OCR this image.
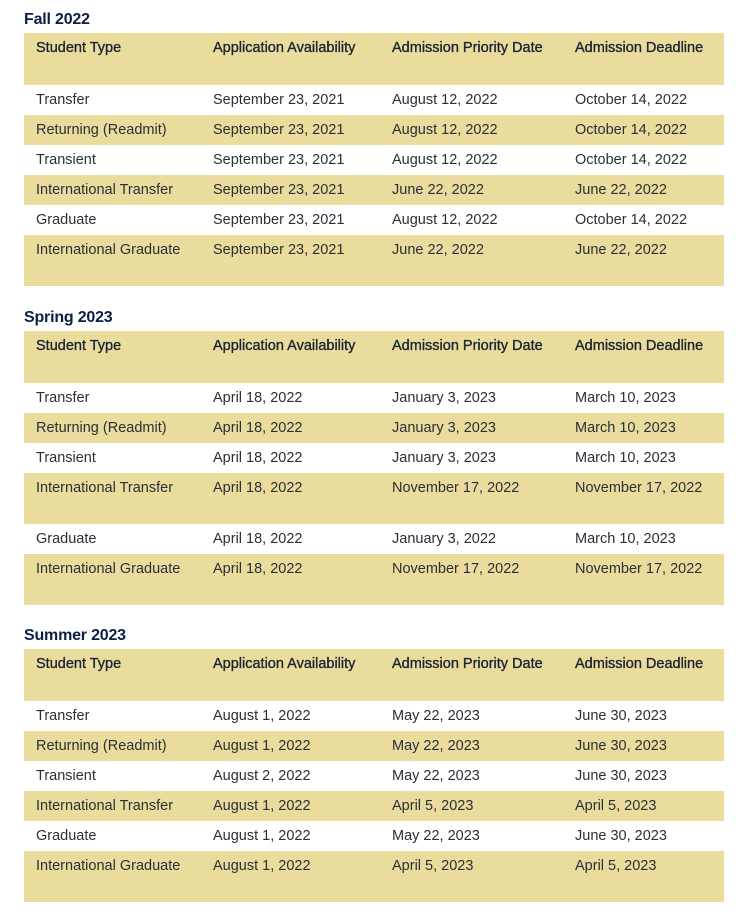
Fall 2022
Student Type	Application Availability	Admission Priority Date	Admission Deadline
Transfer	September 23, 2021	August 12, 2022	October 14, 2022
Returning (Readmit)	September 23, 2021	August 12, 2022	October 14, 2022
Transient	September 23, 2021	August 12, 2022	October 14, 2022
International Transfer	September 23, 2021	June 22, 2022	June 22, 2022
Graduate	September 23, 2021	August 12, 2022	October 14, 2022
International Graduate	September 23, 2021	June 22, 2022	June 22, 2022
Spring 2023
Student Type	Application Availability	Admission Priority Date	Admission Deadline
Transfer	April 18, 2022	January 3, 2023	March 10, 2023
Returning (Readmit)	April 18, 2022	January 3, 2023	March 10, 2023
Transient	April 18, 2022	January 3, 2023	March 10, 2023
International Transfer	April 18, 2022	November 17, 2022	November 17, 2022
Graduate	April 18, 2022	January 3, 2022	March 10, 2023
International Graduate	April 18, 2022	November 17, 2022	November 17, 2022
Summer 2023
Student Type	Application Availability	Admission Priority Date	Admission Deadline
Transfer	August 1, 2022	May 22, 2023	June 30, 2023
Returning (Readmit)	August 1, 2022	May 22, 2023	June 30, 2023
Transient	August 2, 2022	May 22, 2023	June 30, 2023
International Transfer	August 1, 2022	April 5, 2023	April 5, 2023
Graduate	August 1, 2022	May 22, 2023	June 30, 2023
International Graduate	August 1, 2022	April 5, 2023	April 5, 2023
